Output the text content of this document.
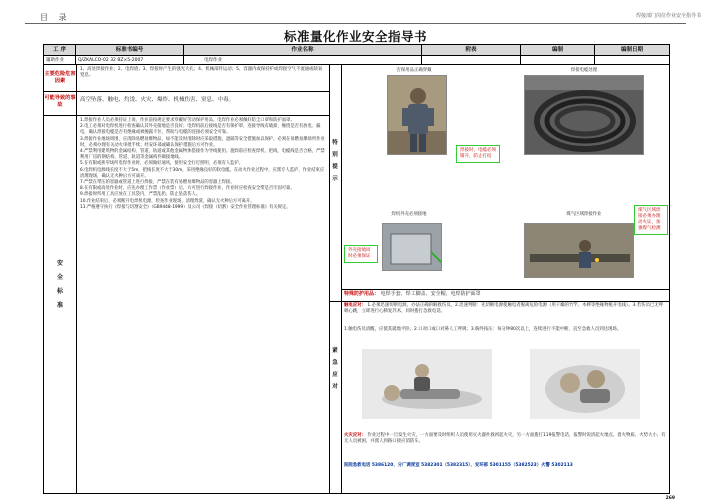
目 录	焊接部门岗位作业安全指导书
标准量化作业安全指导书
工 序	标准书编号	作业名称	附表	编制	编制日期
辅助作业	Q/ZKALCO-02 32 BZ×5-2007	电焊作业
主要危险危害因素
1、高处焊接作业；2、电焊渣；3、焊接时产生的强光大孔；4、机械部件运动；5、容器内或保持护或焊接空气不流通或缺氧窒息。
可能导致的事故
高空坠落、触电、灼烫、火灾、爆炸、机械伤害、窒息、中毒。
安
全
标
准

1.焊接作业人员必须持证上岗，作业前按规定要求穿戴好劳动保护用品。电焊作业必须佩好防尘口罩和防护面罩。

2.电工必须对电焊机进行检查确认其外壳接地是否良好；电焊机前后接线是否有保护罩，连接导线有破损、缠绕是否有放电、漏电，确认焊接电缆是否有绝缘或被缠露卡住，帮助与电缆的连接必须安全可靠。

3.焊接作业地场周围，应清除易燃易爆物品，如不能及时清除时应采取措施，遮隔等安全措施加以保护。必须在易燃易爆场所作业时，必须办理有关动火审批手续；经安环部或确认保护措施后方可作业。

4.严禁利用建筑物的金属结构、管道、轨道或其他金属物体搭接作为导线使用。施焊前应检查焊机、把线、电缆线是否合格，严禁利用厂房的钢结构、管道、轨道等金属构件做接地线。

5.在有限或狭窄场所电焊作业时，必须做好通风，使用安全行灯照明，必须有人监护。

6.电焊机电源线长度不大于5m，把线长度不大于30m，采用绝缘良好的软电缆。在动火作业过程中，应派专人监护，作业结束应清理现场，确认无火种后方可离开。

7.严禁在带压的容器或管道上进行焊接，严禁在装有易燃易爆物品的容器上焊接。

8.在有限或高处作业时，应先办理工作票（作业票）后，方可进行焊接作业，作业时应检查安全带是否牢固可靠。

9.焊接时所用工具应放在工具袋内，严禁乱扔，防止坠落伤人。

10.作业结束后，必须断开电焊机电源，检查作业现场，清理焊渣，确认无火种后方可离开。

11.严格遵守执行《焊接与切割安全》（GB9448-1999）及公司《焊接（切割）安全作业管理标准》有关规定。

特
别
提
示
否保用品正确穿戴	焊接电缆处理
焊接时，电缆必须铺开，防止打结
焊机外壳必须接地	煤气区域焊接作业
外壳接地同时必须保证
煤气区域焊接必须办理动火证，加强煤气检测
特殊防护用品： 电焊手套、焊工脚盖、安全帽、电焊防护面罩
紧
急
应
对
触电应对： 1.必须迅速切断电源，办法正确的解救伤员。2.迅速判断：先切断电源使触电者脱离危险电源（用干燥的竹竿、木棒等绝缘物挑开电线）。3.若伤员已无呼吸心跳，立即进行心肺复苏术，同时拨打急救电话。
1.触电伤员清醒，应使其就地平卧；2.口对口或口对鼻人工呼吸；3.胸外按压：每分钟80次以上，连续进行不能中断，直至急救人员到达现场。
火灾应对： 作业过程中一旦发生火灾，一方面要及时组织人员使用灭火器扑救初起火灾，另一方面拨打119报警电话，报警时说清起火地点、着火物质、火势大小、有无人员被困，并派人到路口接应消防车。
医院急救电话 5386120、分厂调度室 5382301（5382315）、安环部 5301155（5382523）火警 5302113
269
